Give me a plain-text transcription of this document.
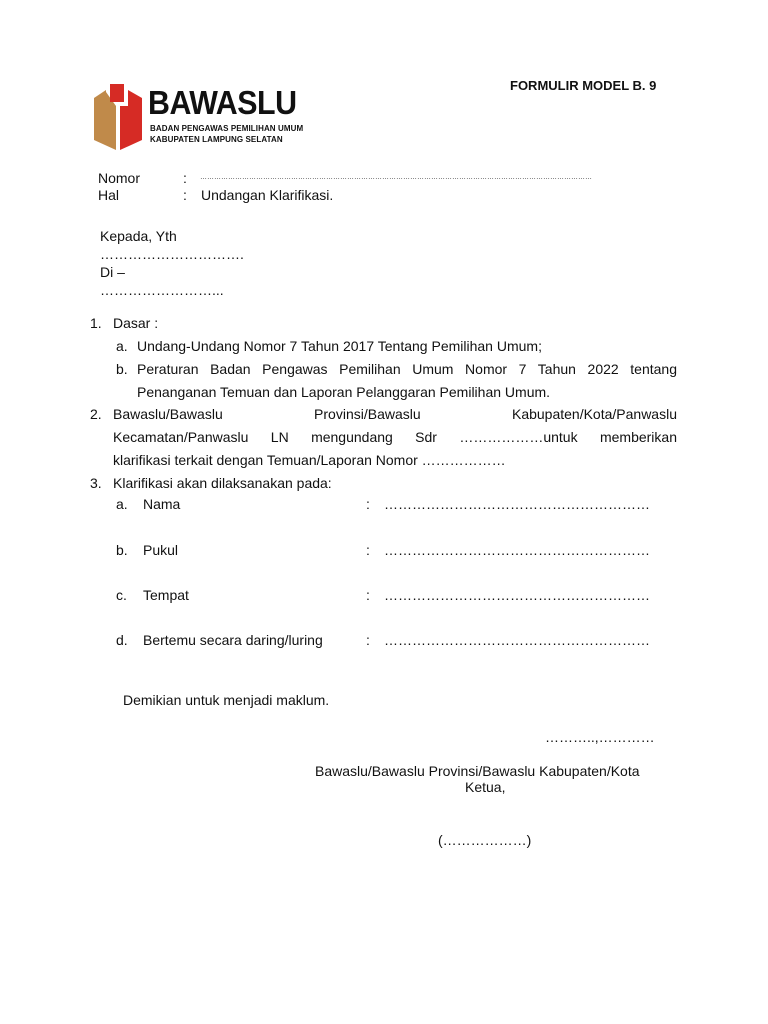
BAWASLU
BADAN PENGAWAS PEMILIHAN UMUM
KABUPATEN LAMPUNG SELATAN
FORMULIR MODEL B. 9
Nomor	: ……………………………………………………………………………………………………………………………………………………
Hal	: Undangan Klarifikasi.
Kepada, Yth
………………………….
Di –
……………………...
1. Dasar :
a. Undang-Undang Nomor 7 Tahun 2017 Tentang Pemilihan Umum;
b. Peraturan Badan Pengawas Pemilihan Umum Nomor 7 Tahun 2022 tentang
Penanganan Temuan dan Laporan Pelanggaran Pemilihan Umum.
2. Bawaslu/Bawaslu Provinsi/Bawaslu Kabupaten/Kota/Panwaslu
Kecamatan/Panwaslu LN mengundang Sdr ………………untuk memberikan
klarifikasi terkait dengan Temuan/Laporan Nomor ………………
3. Klarifikasi akan dilaksanakan pada:
a. Nama	: …………………………………………………
b. Pukul	: …………………………………………………
c. Tempat	: …………………………………………………
d. Bertemu secara daring/luring	: …………………………………………………
Demikian untuk menjadi maklum.
………..,…………
Bawaslu/Bawaslu Provinsi/Bawaslu Kabupaten/Kota
Ketua,
(………………)
